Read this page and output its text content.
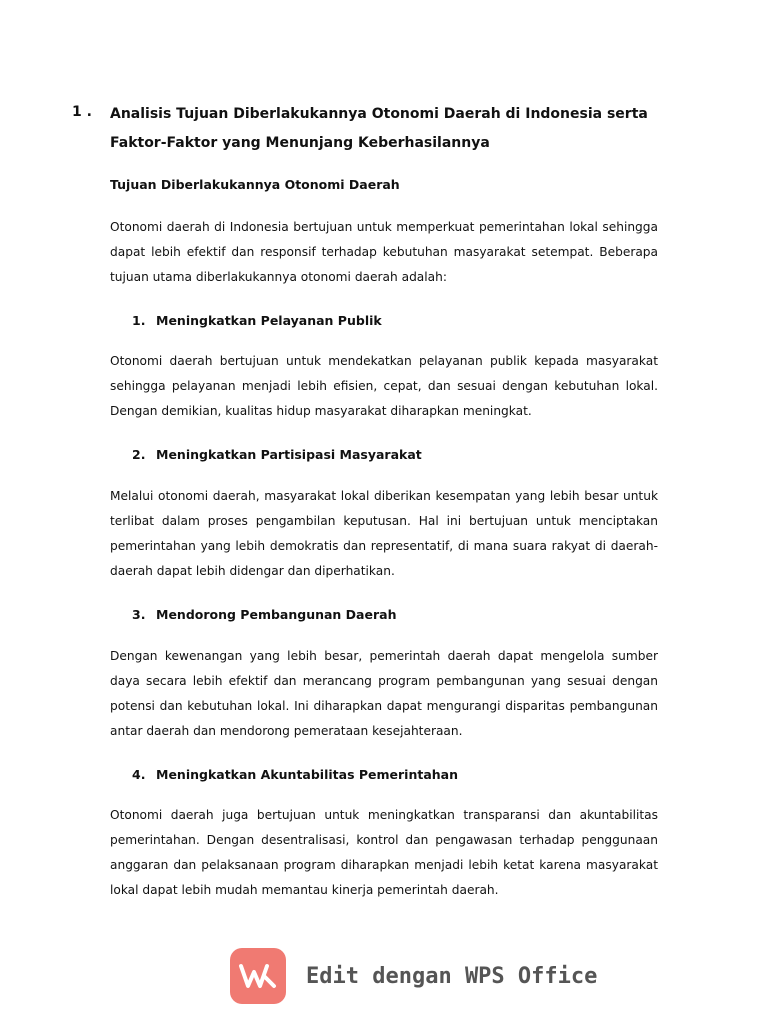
1 . Analisis Tujuan Diberlakukannya Otonomi Daerah di Indonesia serta Faktor-Faktor yang Menunjang Keberhasilannya
Tujuan Diberlakukannya Otonomi Daerah
Otonomi daerah di Indonesia bertujuan untuk memperkuat pemerintahan lokal sehingga dapat lebih efektif dan responsif terhadap kebutuhan masyarakat setempat. Beberapa tujuan utama diberlakukannya otonomi daerah adalah:
1. Meningkatkan Pelayanan Publik
Otonomi daerah bertujuan untuk mendekatkan pelayanan publik kepada masyarakat sehingga pelayanan menjadi lebih efisien, cepat, dan sesuai dengan kebutuhan lokal. Dengan demikian, kualitas hidup masyarakat diharapkan meningkat.
2. Meningkatkan Partisipasi Masyarakat
Melalui otonomi daerah, masyarakat lokal diberikan kesempatan yang lebih besar untuk terlibat dalam proses pengambilan keputusan. Hal ini bertujuan untuk menciptakan pemerintahan yang lebih demokratis dan representatif, di mana suara rakyat di daerah-daerah dapat lebih didengar dan diperhatikan.
3. Mendorong Pembangunan Daerah
Dengan kewenangan yang lebih besar, pemerintah daerah dapat mengelola sumber daya secara lebih efektif dan merancang program pembangunan yang sesuai dengan potensi dan kebutuhan lokal. Ini diharapkan dapat mengurangi disparitas pembangunan antar daerah dan mendorong pemerataan kesejahteraan.
4. Meningkatkan Akuntabilitas Pemerintahan
Otonomi daerah juga bertujuan untuk meningkatkan transparansi dan akuntabilitas pemerintahan. Dengan desentralisasi, kontrol dan pengawasan terhadap penggunaan anggaran dan pelaksanaan program diharapkan menjadi lebih ketat karena masyarakat lokal dapat lebih mudah memantau kinerja pemerintah daerah.
Edit dengan WPS Office
